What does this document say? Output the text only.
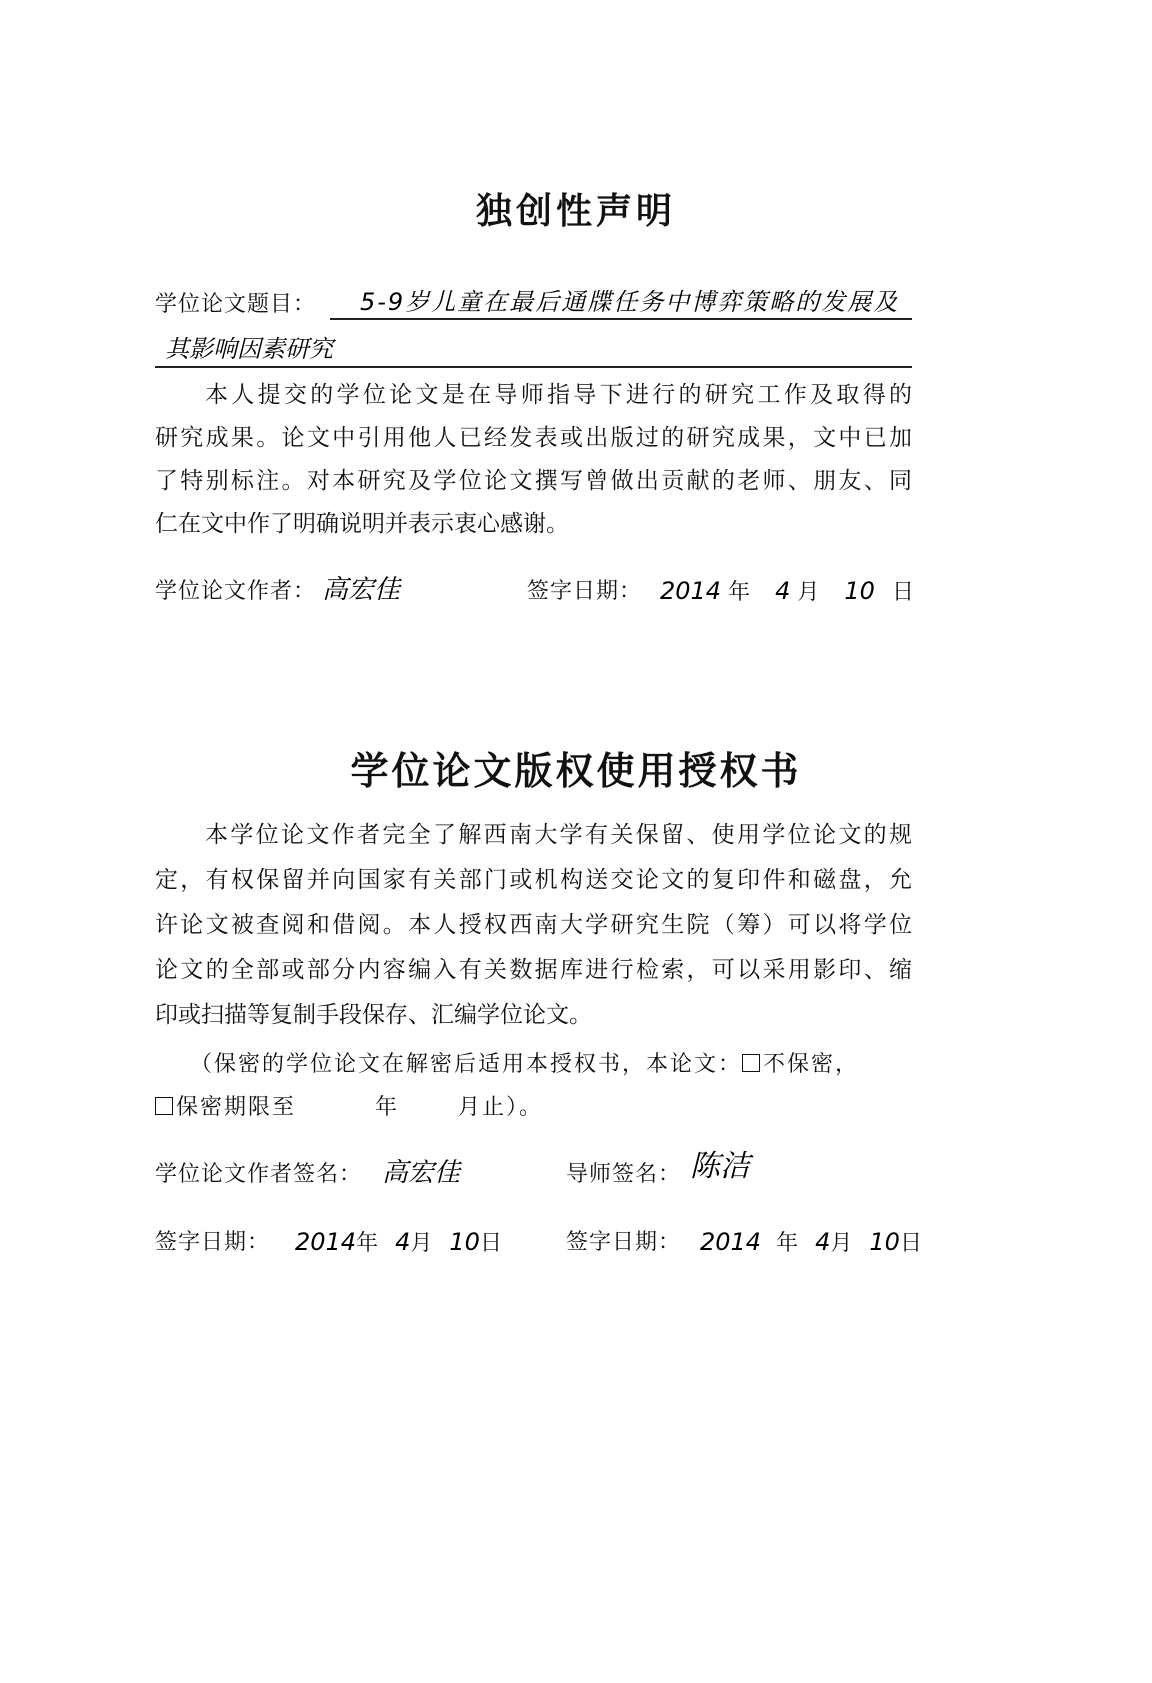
独创性声明
学位论文题目： 5-9岁儿童在最后通牒任务中博弈策略的发展及
其影响因素研究
本人提交的学位论文是在导师指导下进行的研究工作及取得的
研究成果。论文中引用他人已经发表或出版过的研究成果，文中已加
了特别标注。对本研究及学位论文撰写曾做出贡献的老师、朋友、同
仁在文中作了明确说明并表示衷心感谢。
学位论文作者： 高宏佳	签字日期： 2014 年 4 月 10 日
学位论文版权使用授权书
本学位论文作者完全了解西南大学有关保留、使用学位论文的规
定，有权保留并向国家有关部门或机构送交论文的复印件和磁盘，允
许论文被查阅和借阅。本人授权西南大学研究生院（筹）可以将学位
论文的全部或部分内容编入有关数据库进行检索，可以采用影印、缩
印或扫描等复制手段保存、汇编学位论文。
（保密的学位论文在解密后适用本授权书，本论文： 不保密，
保密期限至	年	月止）。
学位论文作者签名： 高宏佳	导师签名： 陈洁
签字日期： 2014年 4月 10日	签字日期： 2014 年 4月 10日
